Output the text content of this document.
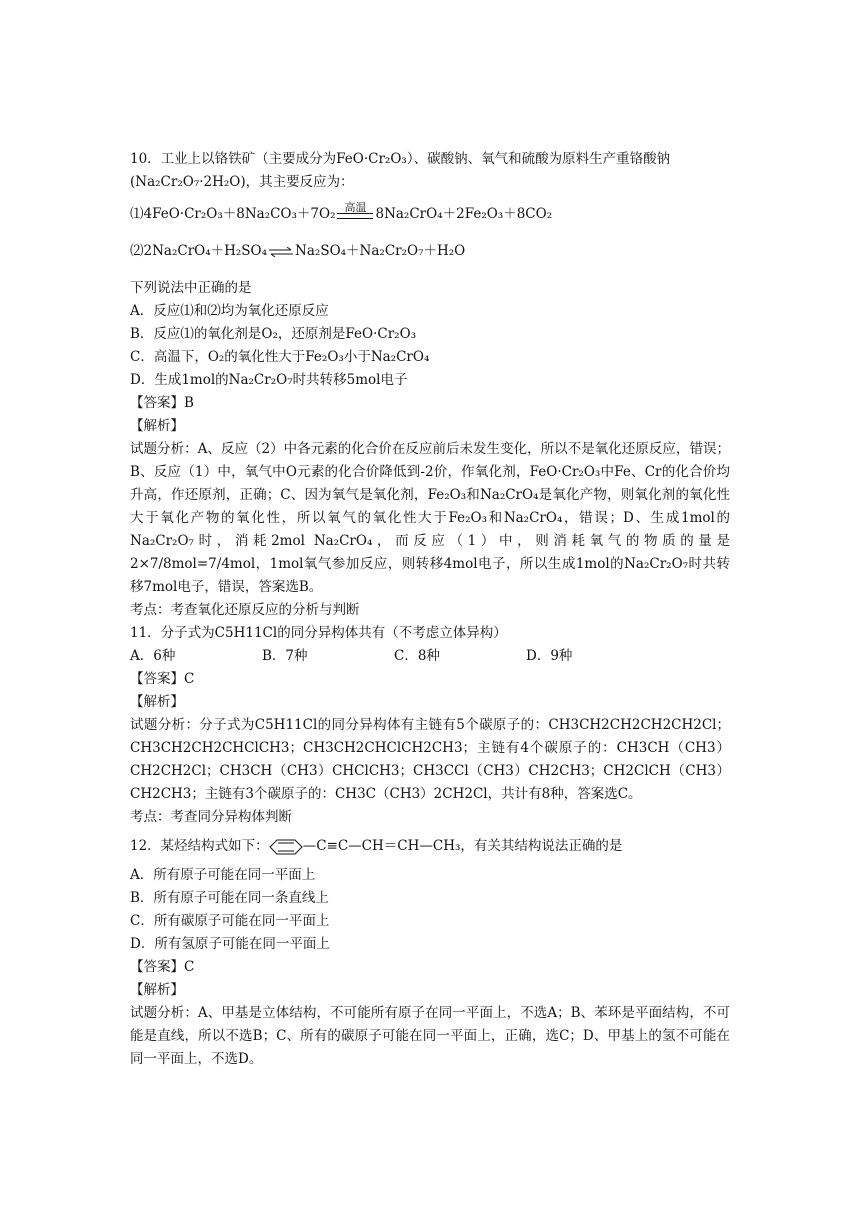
10．工业上以铬铁矿（主要成分为FeO·Cr₂O₃）、碳酸钠、氧气和硫酸为原料生产重铬酸钠
(Na₂Cr₂O₇·2H₂O)，其主要反应为：
⑴4FeO·Cr₂O₃＋8Na₂CO₃＋7O₂ 高温 8Na₂CrO₄＋2Fe₂O₃＋8CO₂
⑵2Na₂CrO₄＋H₂SO₄ ⇌ Na₂SO₄＋Na₂Cr₂O₇＋H₂O
下列说法中正确的是
A．反应⑴和⑵均为氧化还原反应
B．反应⑴的氧化剂是O₂，还原剂是FeO·Cr₂O₃
C．高温下，O₂的氧化性大于Fe₂O₃小于Na₂CrO₄
D．生成1mol的Na₂Cr₂O₇时共转移5mol电子
【答案】B
【解析】
试题分析：A、反应（2）中各元素的化合价在反应前后未发生变化，所以不是氧化还原反应，错误；B、反应（1）中，氧气中O元素的化合价降低到-2价，作氧化剂，FeO·Cr₂O₃中Fe、Cr的化合价均升高，作还原剂，正确；C、因为氧气是氧化剂，Fe₂O₃和Na₂CrO₄是氧化产物，则氧化剂的氧化性大于氧化产物的氧化性，所以氧气的氧化性大于Fe₂O₃和Na₂CrO₄，错误；D、生成1mol的Na₂Cr₂O₇时，消耗2mol Na₂CrO₄，而反应（1）中，则消耗氧气的物质的量是2×7/8mol=7/4mol，1mol氧气参加反应，则转移4mol电子，所以生成1mol的Na₂Cr₂O₇时共转移7mol电子，错误，答案选B。
考点：考查氧化还原反应的分析与判断
11．分子式为C5H11Cl的同分异构体共有（不考虑立体异构）
A．6种	B．7种	C．8种	D．9种
【答案】C
【解析】
试题分析：分子式为C5H11Cl的同分异构体有主链有5个碳原子的：CH3CH2CH2CH2CH2Cl；CH3CH2CH2CHClCH3；CH3CH2CHClCH2CH3；主链有4个碳原子的：CH3CH（CH3）CH2CH2Cl；CH3CH（CH3）CHClCH3；CH3CCl（CH3）CH2CH3；CH2ClCH（CH3）CH2CH3；主链有3个碳原子的：CH3C（CH3）2CH2Cl，共计有8种，答案选C。
考点：考查同分异构体判断
12．某烃结构式如下：	—C≡C—CH＝CH—CH₃，有关其结构说法正确的是
A．所有原子可能在同一平面上
B．所有原子可能在同一条直线上
C．所有碳原子可能在同一平面上
D．所有氢原子可能在同一平面上
【答案】C
【解析】
试题分析：A、甲基是立体结构，不可能所有原子在同一平面上，不选A；B、苯环是平面结构，不可能是直线，所以不选B；C、所有的碳原子可能在同一平面上，正确，选C；D、甲基上的氢不可能在同一平面上，不选D。
